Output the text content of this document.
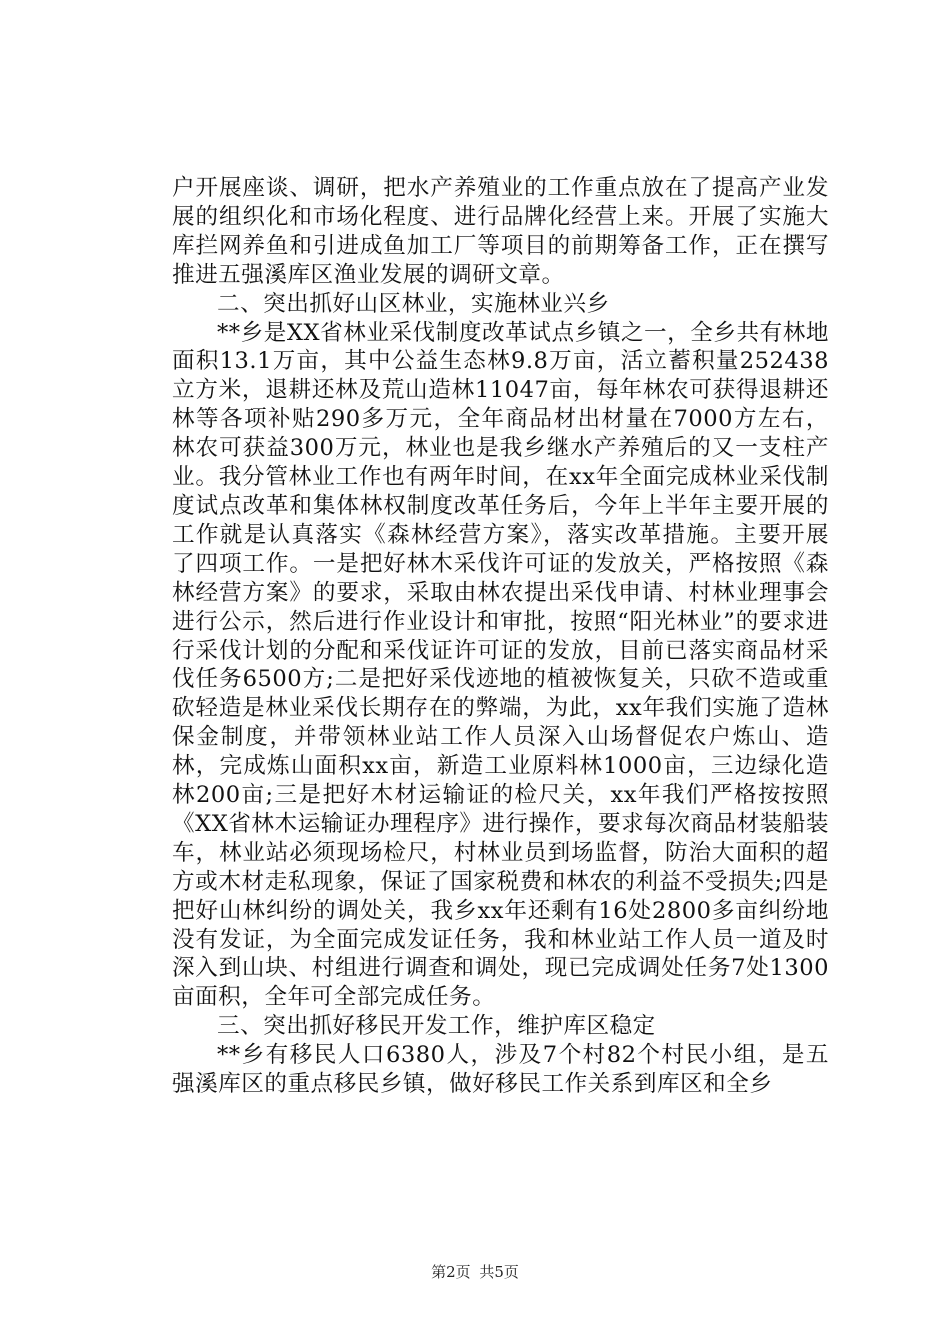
户开展座谈、调研，把水产养殖业的工作重点放在了提高产业发展的组织化和市场化程度、进行品牌化经营上来。开展了实施大库拦网养鱼和引进成鱼加工厂等项目的前期筹备工作，正在撰写推进五强溪库区渔业发展的调研文章。

二、突出抓好山区林业，实施林业兴乡

**乡是XX省林业采伐制度改革试点乡镇之一，全乡共有林地面积13.1万亩，其中公益生态林9.8万亩，活立蓄积量252438立方米，退耕还林及荒山造林11047亩，每年林农可获得退耕还林等各项补贴290多万元，全年商品材出材量在7000方左右，林农可获益300万元，林业也是我乡继水产养殖后的又一支柱产业。我分管林业工作也有两年时间，在xx年全面完成林业采伐制度试点改革和集体林权制度改革任务后，今年上半年主要开展的工作就是认真落实《森林经营方案》，落实改革措施。主要开展了四项工作。一是把好林木采伐许可证的发放关，严格按照《森林经营方案》的要求，采取由林农提出采伐申请、村林业理事会进行公示，然后进行作业设计和审批，按照“阳光林业”的要求进行采伐计划的分配和采伐证许可证的发放，目前已落实商品材采伐任务6500方;二是把好采伐迹地的植被恢复关，只砍不造或重砍轻造是林业采伐长期存在的弊端，为此，xx年我们实施了造林保金制度，并带领林业站工作人员深入山场督促农户炼山、造林，完成炼山面积xx亩，新造工业原料林1000亩，三边绿化造林200亩;三是把好木材运输证的检尺关，xx年我们严格按按照《XX省林木运输证办理程序》进行操作，要求每次商品材装船装车，林业站必须现场检尺，村林业员到场监督，防治大面积的超方或木材走私现象，保证了国家税费和林农的利益不受损失;四是把好山林纠纷的调处关，我乡xx年还剩有16处2800多亩纠纷地没有发证，为全面完成发证任务，我和林业站工作人员一道及时深入到山块、村组进行调查和调处，现已完成调处任务7处1300亩面积，全年可全部完成任务。

三、突出抓好移民开发工作，维护库区稳定

**乡有移民人口6380人，涉及7个村82个村民小组，是五强溪库区的重点移民乡镇，做好移民工作关系到库区和全乡

第2页 共5页
